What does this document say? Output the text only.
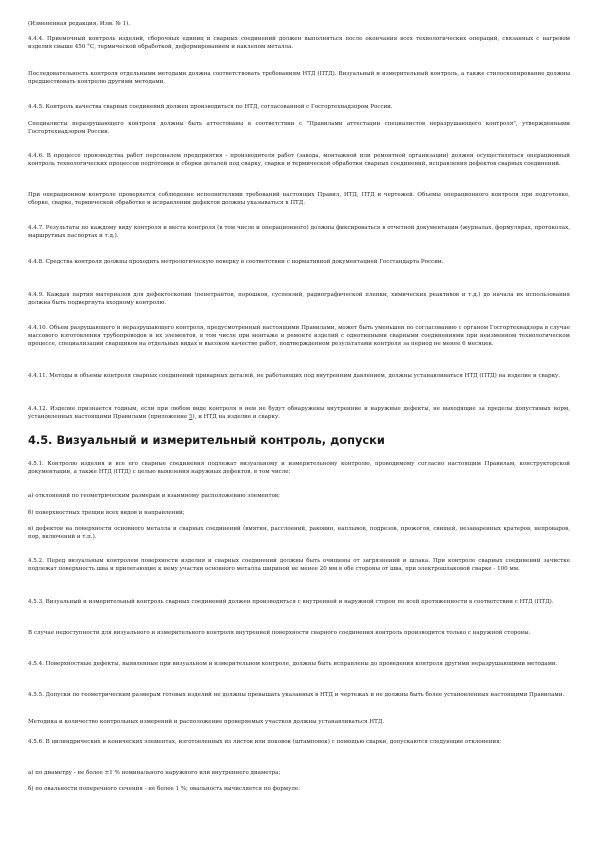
(Измененная редакция, Изм. № 1).

4.4.4. Приемочный контроль изделий, сборочных единиц и сварных соединений должен выполняться после окончания всех технологических операций, связанных с нагревом изделия свыше 450 °С, термической обработкой, деформированием и наклепом металла.

Последовательность контроля отдельными методами должна соответствовать требованиям НТД (ПТД). Визуальный и измерительный контроль, а также стилоскопирование должны предшествовать контролю другими методами.

4.4.5. Контроль качества сварных соединений должен производиться по НТД, согласованной с Госгортехнадзором России.

Специалисты неразрушающего контроля должны быть аттестованы в соответствии с "Правилами аттестации специалистов неразрушающего контроля", утвержденными Госгортехнадзором России.

4.4.6. В процессе производства работ персоналом предприятия - производителя работ (завода, монтажной или ремонтной организации) должен осуществляться операционный контроль технологических процессов подготовки и сборки деталей под сварку, сварки и термической обработки сварных соединений, исправления дефектов сварных соединений.

При операционном контроле проверяется соблюдение исполнителями требований настоящих Правил, НТД, ПТД и чертежей. Объемы операционного контроля при подготовке, сборке, сварке, термической обработке и исправлении дефектов должны указываться в ПТД.

4.4.7. Результаты по каждому виду контроля и места контроля (в том числе и операционного) должны фиксироваться в отчетной документации (журналах, формулярах, протоколах, маршрутных паспортах и т.д.).

4.4.8. Средства контроля должны проходить метрологическую поверку в соответствии с нормативной документацией Госстандарта России.

4.4.9. Каждая партия материалов для дефектоскопии (пенетрантов, порошков, суспензий, радиографической пленки, химических реактивов и т.д.) до начала их использования должна быть подвергнута входному контролю.

4.4.10. Объем разрушающего и неразрушающего контроля, предусмотренный настоящими Правилами, может быть уменьшен по согласованию с органом Госгортехнадзора в случае массового изготовления трубопроводов и их элементов, в том числе при монтаже и ремонте изделий с однотипными сварными соединениями при неизменном технологическом процессе, специализации сварщиков на отдельных видах и высоком качестве работ, подтвержденном результатами контроля за период не менее 6 месяцев.

4.4.11. Методы и объемы контроля сварных соединений приварных деталей, не работающих под внутренним давлением, должны устанавливаться НТД (ПТД) на изделие и сварку.

4.4.12. Изделие признается годным, если при любом виде контроля в нем не будут обнаружены внутренние и наружные дефекты, не выходящие за пределы допустимых норм, установленных настоящими Правилами (приложение 5), и НТД на изделие и сварку.

4.5. Визуальный и измерительный контроль, допуски

4.5.1. Контролю изделия и все его сварные соединения подлежат визуальному и измерительному контролю, проводимому согласно настоящим Правилам, конструкторской документации, а также НТД (ПТД) с целью выявления наружных дефектов, в том числе:

а) отклонений по геометрическим размерам и взаимному расположению элементов;

б) поверхностных трещин всех видов и направлений;

в) дефектов на поверхности основного металла и сварных соединений (вмятин, расслоений, раковин, наплывов, подрезов, прожогов, свищей, незаваренных кратеров, непроваров, пор, включений и т.п.).

4.5.2. Перед визуальным контролем поверхности изделия и сварных соединений должны быть очищены от загрязнений и шлака. При контроле сварных соединений зачистке подлежат поверхность шва и прилегающие к нему участки основного металла шириной не менее 20 мм в обе стороны от шва, при электрошлаковой сварке - 100 мм.

4.5.3. Визуальный и измерительный контроль сварных соединений должен производиться с внутренней и наружной сторон по всей протяженности в соответствии с НТД (ПТД).

В случае недоступности для визуального и измерительного контроля внутренней поверхности сварного соединения контроль производится только с наружной стороны.

4.5.4. Поверхностные дефекты, выявленные при визуальном и измерительном контроле, должны быть исправлены до проведения контроля другими неразрушающими методами.

4.5.5. Допуски по геометрическим размерам готовых изделий не должны превышать указанных в НТД и чертежах и не должны быть более установленных настоящими Правилами.

Методика и количество контрольных измерений и расположение проверяемых участков должны устанавливаться НТД.

4.5.6. В цилиндрических и конических элементах, изготовленных из листов или поковок (штамповок) с помощью сварки, допускаются следующие отклонения:

а) по диаметру - не более ±1 % номинального наружного или внутреннего диаметра;

б) по овальности поперечного сечения - не более 1 %; овальность вычисляется по формуле:
